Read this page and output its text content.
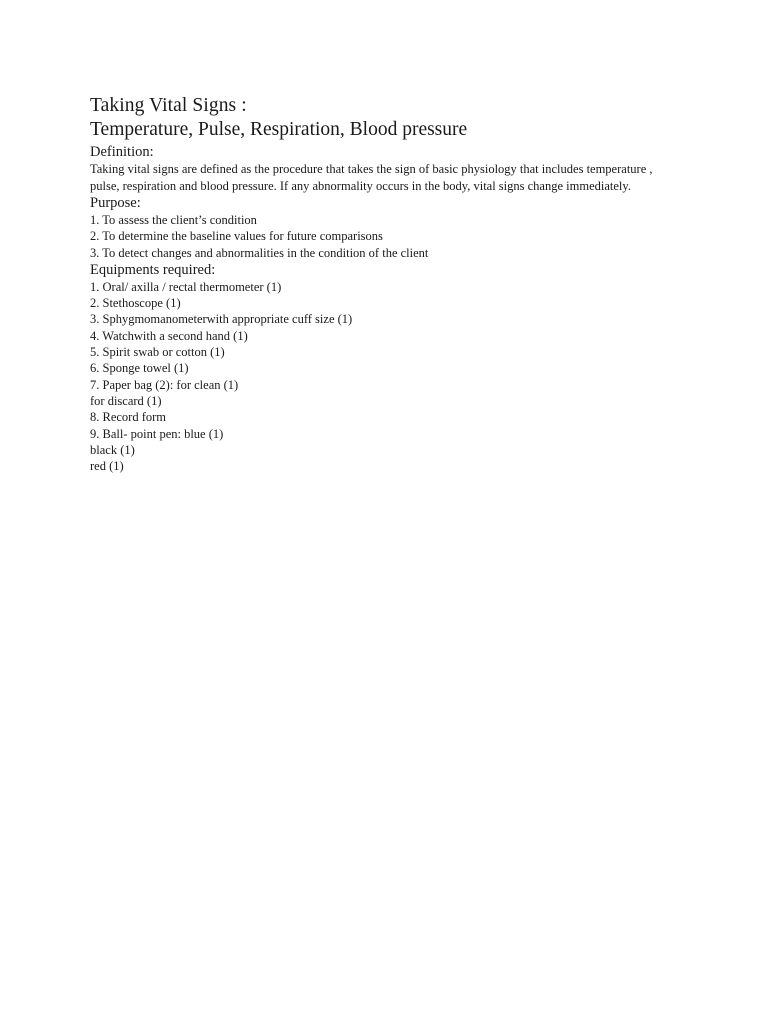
Taking Vital Signs :
Temperature, Pulse, Respiration, Blood pressure

Definition:

Taking vital signs are defined as the procedure that takes the sign of basic physiology that includes temperature , pulse, respiration and blood pressure. If any abnormality occurs in the body, vital signs change immediately.

Purpose:

1. To assess the client’s condition

2. To determine the baseline values for future comparisons

3. To detect changes and abnormalities in the condition of the client

Equipments required:

1. Oral/ axilla / rectal thermometer (1)

2. Stethoscope (1)

3. Sphygmomanometerwith appropriate cuff size (1)

4. Watchwith a second hand (1)

5. Spirit swab or cotton (1)

6. Sponge towel (1)

7. Paper bag (2): for clean (1)

for discard (1)

8. Record form

9. Ball- point pen: blue (1)

black (1)

red (1)
